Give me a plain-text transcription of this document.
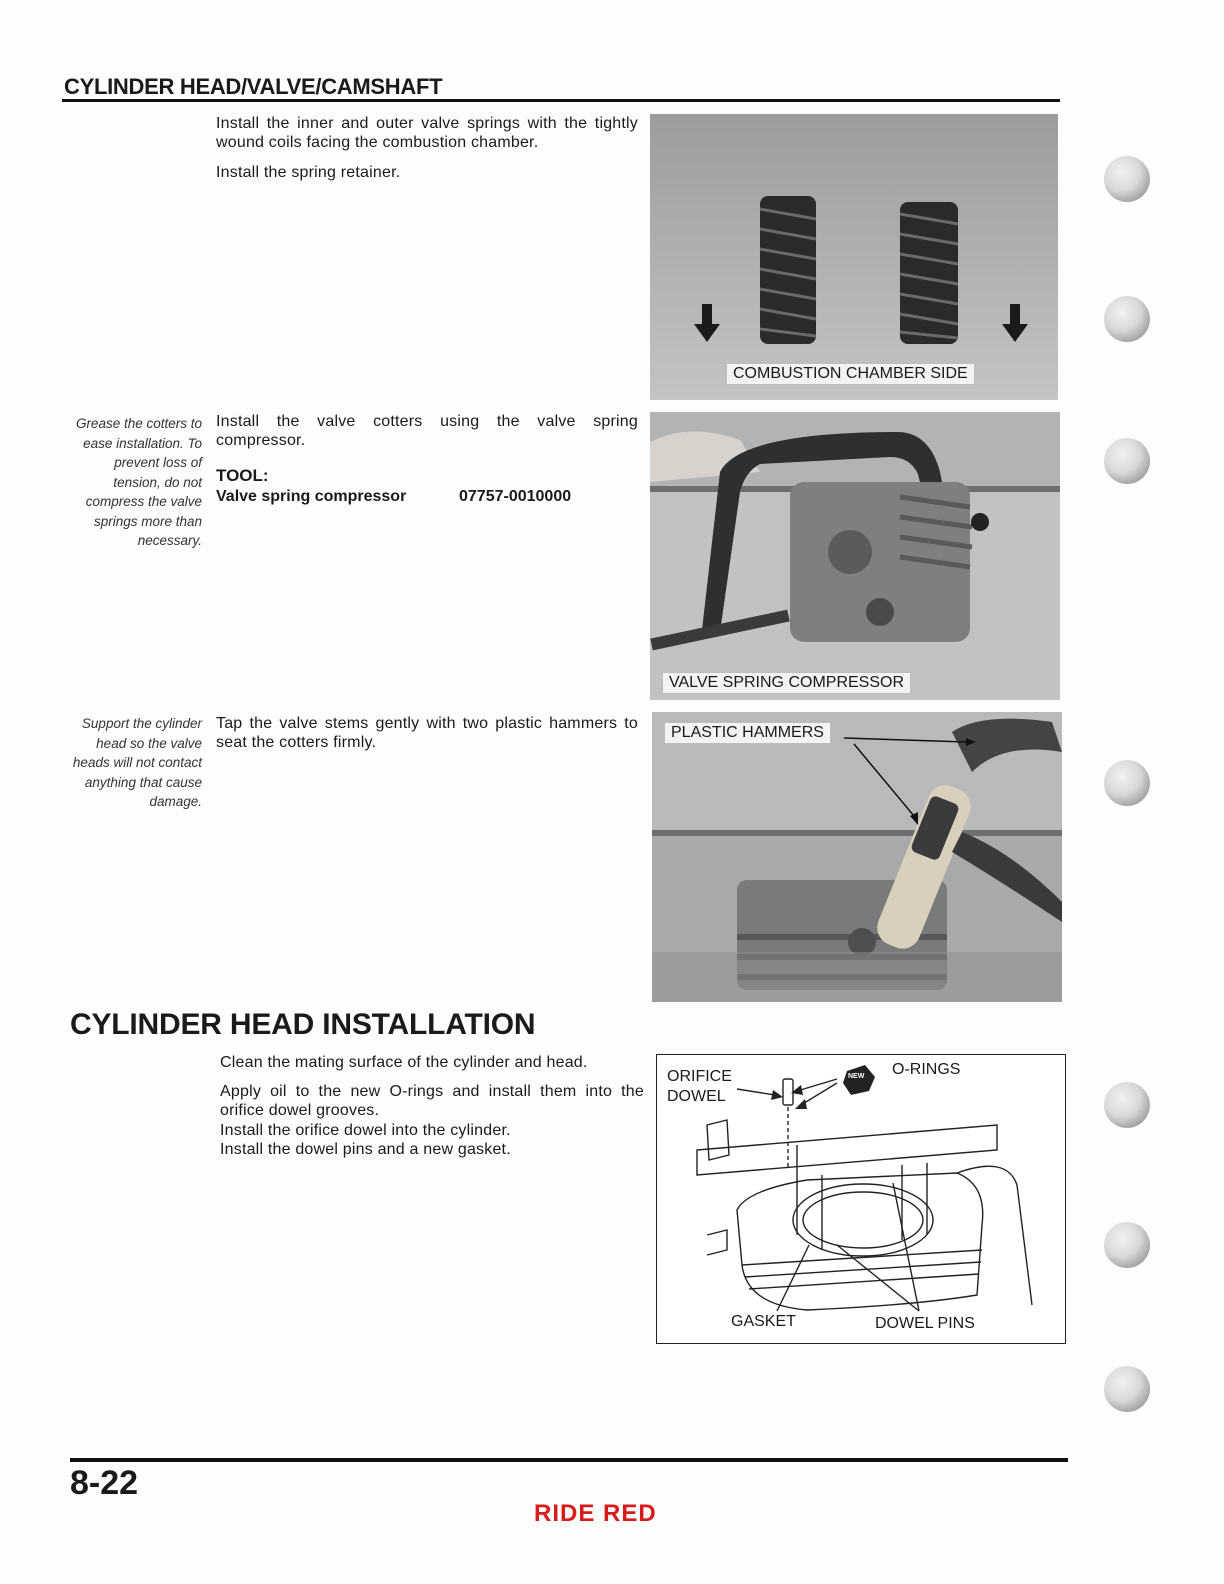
CYLINDER HEAD/VALVE/CAMSHAFT
Install the inner and outer valve springs with the tightly wound coils facing the combustion chamber.
Install the spring retainer.
COMBUSTION CHAMBER SIDE
Grease the cotters to ease installation. To prevent loss of tension, do not compress the valve springs more than necessary.
Install the valve cotters using the valve spring compressor.
TOOL:
Valve spring compressor	07757-0010000
VALVE SPRING COMPRESSOR
Support the cylinder head so the valve heads will not contact anything that cause damage.
Tap the valve stems gently with two plastic hammers to seat the cotters firmly.
PLASTIC HAMMERS
CYLINDER HEAD INSTALLATION
Clean the mating surface of the cylinder and head.
Apply oil to the new O-rings and install them into the orifice dowel grooves.
Install the orifice dowel into the cylinder.
Install the dowel pins and a new gasket.
ORIFICE
DOWEL
NEW O-RINGS
GASKET	DOWEL PINS
8-22
RIDE RED
